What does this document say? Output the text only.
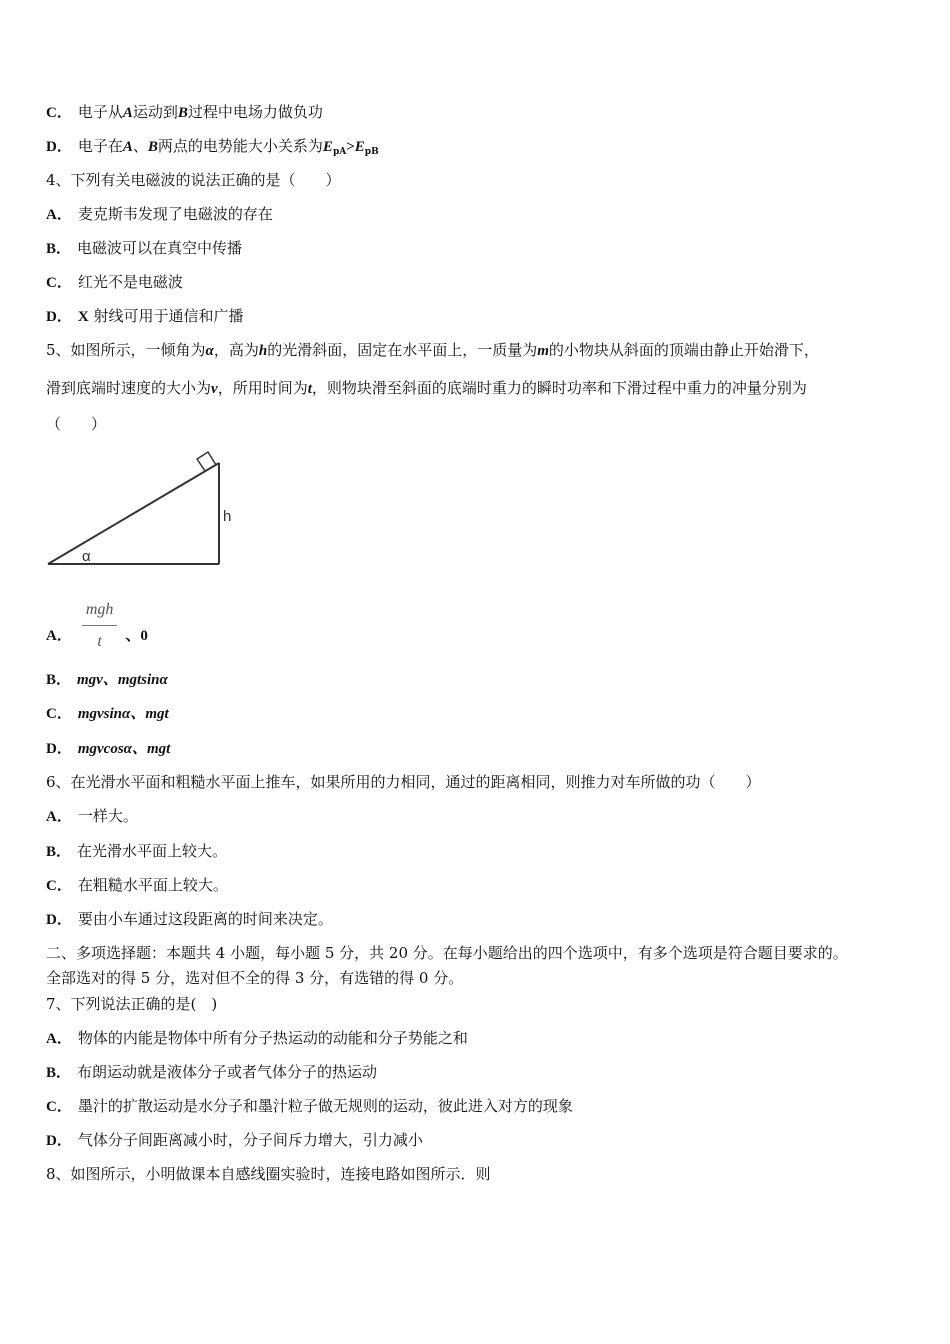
C． 电子从A运动到B过程中电场力做负功
D． 电子在A、B两点的电势能大小关系为$E_{pA}>E_{pB}$
4、下列有关电磁波的说法正确的是（　　）
A． 麦克斯韦发现了电磁波的存在
B． 电磁波可以在真空中传播
C． 红光不是电磁波
D． X 射线可用于通信和广播
5、如图所示，一倾角为α，高为h的光滑斜面，固定在水平面上，一质量为m的小物块从斜面的顶端由静止开始滑下，
滑到底端时速度的大小为v，所用时间为t，则物块滑至斜面的底端时重力的瞬时功率和下滑过程中重力的冲量分别为
（　　）
h
α
A． $\frac{\text{mgh}}{t}$ 、0
B． mgv、mgtsinα
C． mgvsinα、mgt
D． mgvcosα、mgt
6、在光滑水平面和粗糙水平面上推车，如果所用的力相同，通过的距离相同，则推力对车所做的功（　　）
A． 一样大。
B． 在光滑水平面上较大。
C． 在粗糙水平面上较大。
D． 要由小车通过这段距离的时间来决定。
二、多项选择题：本题共 4 小题，每小题 5 分，共 20 分。在每小题给出的四个选项中，有多个选项是符合题目要求的。
全部选对的得 5 分，选对但不全的得 3 分，有选错的得 0 分。
7、下列说法正确的是(　)
A． 物体的内能是物体中所有分子热运动的动能和分子势能之和
B． 布朗运动就是液体分子或者气体分子的热运动
C． 墨汁的扩散运动是水分子和墨汁粒子做无规则的运动，彼此进入对方的现象
D． 气体分子间距离减小时，分子间斥力增大，引力减小
8、如图所示，小明做课本自感线圈实验时，连接电路如图所示．则
